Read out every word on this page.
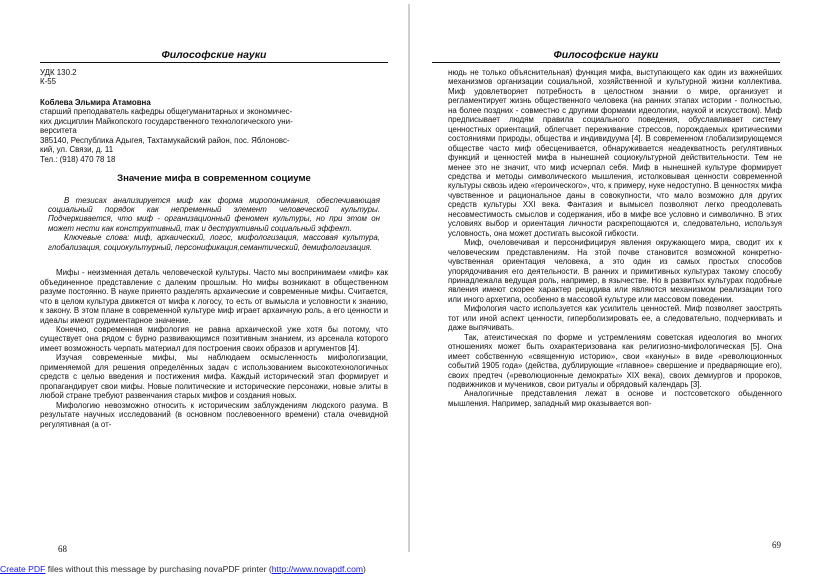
Философские науки
УДК 130.2
К-55
Коблева Эльмира Атамовна
старший преподаватель кафедры общегуманитарных и экономичес-
ких дисциплин Майкопского государственного технологического уни-
верситета
385140, Республика Адыгея, Тахтамукайский район, пос. Яблоновс-
кий, ул. Связи, д. 11
Тел.: (918) 470 78 18
Значение мифа в современном социуме

В тезисах анализируется миф как форма миропонимания, обеспечивающая социальный порядок как непременный элемент человеческой культуры. Подчеркивается, что миф - организационный феномен культуры, но при этом он может нести как конструктивный, так и деструктивный социальный эффект.

Ключевые слова: миф, архаический, логос, мифологизация, массовая культура, глобализация, социокультурный, персонификация,семантический, демифологизация.

Мифы - неизменная деталь человеческой культуры. Часто мы воспринимаем «миф» как объединенное представление с далеким прошлым. Но мифы возникают в общественном разуме постоянно. В науке принято разделять архаические и современные мифы. Считается, что в целом культура движется от мифа к логосу, то есть от вымысла и условности к знанию, к закону. В этом плане в современной культуре миф играет архаичную роль, а его ценности и идеалы имеют рудиментарное значение.

Конечно, современная мифология не равна архаической уже хотя бы потому, что существует она рядом с бурно развивающимся позитивным знанием, из арсенала которого имеет возможность черпать материал для построения своих образов и аргументов [4].

Изучая современные мифы, мы наблюдаем осмысленность мифологизации, применяемой для решения определённых задач с использованием высокотехнологичных средств с целью введения и постижения мифа. Каждый исторический этап формирует и пропагандирует свои мифы. Новые политические и исторические персонажи, новые элиты в любой стране требуют развенчания старых мифов и создания новых.

Мифологию невозможно относить к историческим заблуждениям людского разума. В результате научных исследований (в основном послевоенного времени) стала очевидной регулятивная (а от-

68
Философские науки

нюдь не только объяснительная) функция мифа, выступающего как один из важнейших механизмов организации социальной, хозяйственной и культурной жизни коллектива. Миф удовлетворяет потребность в целостном знании о мире, организует и регламентирует жизнь общественного человека (на ранних этапах истории - полностью, на более поздних - совместно с другими формами идеологии, наукой и искусством). Миф предписывает людям правила социального поведения, обуславливает систему ценностных ориентаций, облегчает переживание стрессов, порождаемых критическими состояниями природы, общества и индивидуума [4]. В современном глобализирующемся обществе часто миф обесценивается, обнаруживается неадекватность регулятивных функций и ценностей мифа в нынешней социокультурной действительности. Тем не менее это не значит, что миф исчерпал себя. Миф в нынешней культуре формирует средства и методы символического мышления, истолковывая ценности современной культуры сквозь идею «героического», что, к примеру, нуке недоступно. В ценностях мифа чувственное и рациональное даны в совокупности, что мало возможно для других средств культуры XXI века. Фантазия и вымысел позволяют легко преодолевать несовместимость смыслов и содержания, ибо в мифе все условно и символично. В этих условиях выбор и ориентация личности раскрепощаются и, следовательно, используя условность, она может достигать высокой гибкости.

Миф, очеловечивая и персонифицируя явления окружающего мира, сводит их к человеческим представлениям. На этой почве становится возможной конкретно-чувственная ориентация человека, а это один из самых простых способов упорядочивания его деятельности. В ранних и примитивных культурах такому способу принадлежала ведущая роль, например, в язычестве. Но в развитых культурах подобные явления имеют скорее характер рецидива или являются механизмом реализации того или иного архетипа, особенно в массовой культуре или массовом поведении.

Мифология часто используется как усилитель ценностей. Миф позволяет заострять тот или иной аспект ценности, гиперболизировать ее, а следовательно, подчеркивать и даже выпячивать.

Так, атеистическая по форме и устремлениям советская идеология во многих отношениях может быть охарактеризована как религиозно-мифологическая [5]. Она имеет собственную «священную историю», свои «кануны» в виде «революционных событий 1905 года» (действа, дублирующие «главное» свершение и предваряющие его), своих предтеч («революционные демократы» XIX века), своих демиургов и пророков, подвижников и мучеников, свои ритуалы и обрядовый календарь [3].

Аналогичные представления лежат в основе и постсоветского обыденного мышления. Например, западный мир оказывается воп-

69
Create PDF files without this message by purchasing novaPDF printer (http://www.novapdf.com)
